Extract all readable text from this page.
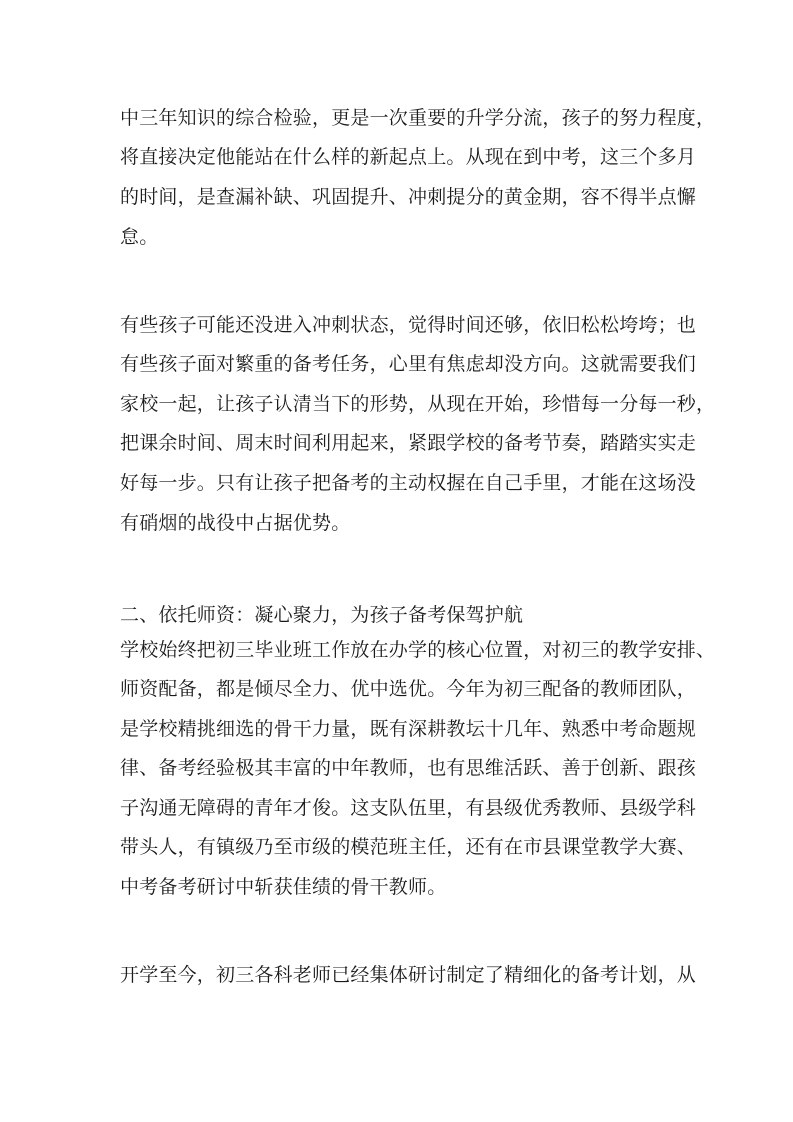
中三年知识的综合检验，更是一次重要的升学分流，孩子的努力程度，
将直接决定他能站在什么样的新起点上。从现在到中考，这三个多月
的时间，是查漏补缺、巩固提升、冲刺提分的黄金期，容不得半点懈
怠。
有些孩子可能还没进入冲刺状态，觉得时间还够，依旧松松垮垮；也
有些孩子面对繁重的备考任务，心里有焦虑却没方向。这就需要我们
家校一起，让孩子认清当下的形势，从现在开始，珍惜每一分每一秒，
把课余时间、周末时间利用起来，紧跟学校的备考节奏，踏踏实实走
好每一步。只有让孩子把备考的主动权握在自己手里，才能在这场没
有硝烟的战役中占据优势。
二、依托师资：凝心聚力，为孩子备考保驾护航
学校始终把初三毕业班工作放在办学的核心位置，对初三的教学安排、
师资配备，都是倾尽全力、优中选优。今年为初三配备的教师团队，
是学校精挑细选的骨干力量，既有深耕教坛十几年、熟悉中考命题规
律、备考经验极其丰富的中年教师，也有思维活跃、善于创新、跟孩
子沟通无障碍的青年才俊。这支队伍里，有县级优秀教师、县级学科
带头人，有镇级乃至市级的模范班主任，还有在市县课堂教学大赛、
中考备考研讨中斩获佳绩的骨干教师。
开学至今，初三各科老师已经集体研讨制定了精细化的备考计划，从
